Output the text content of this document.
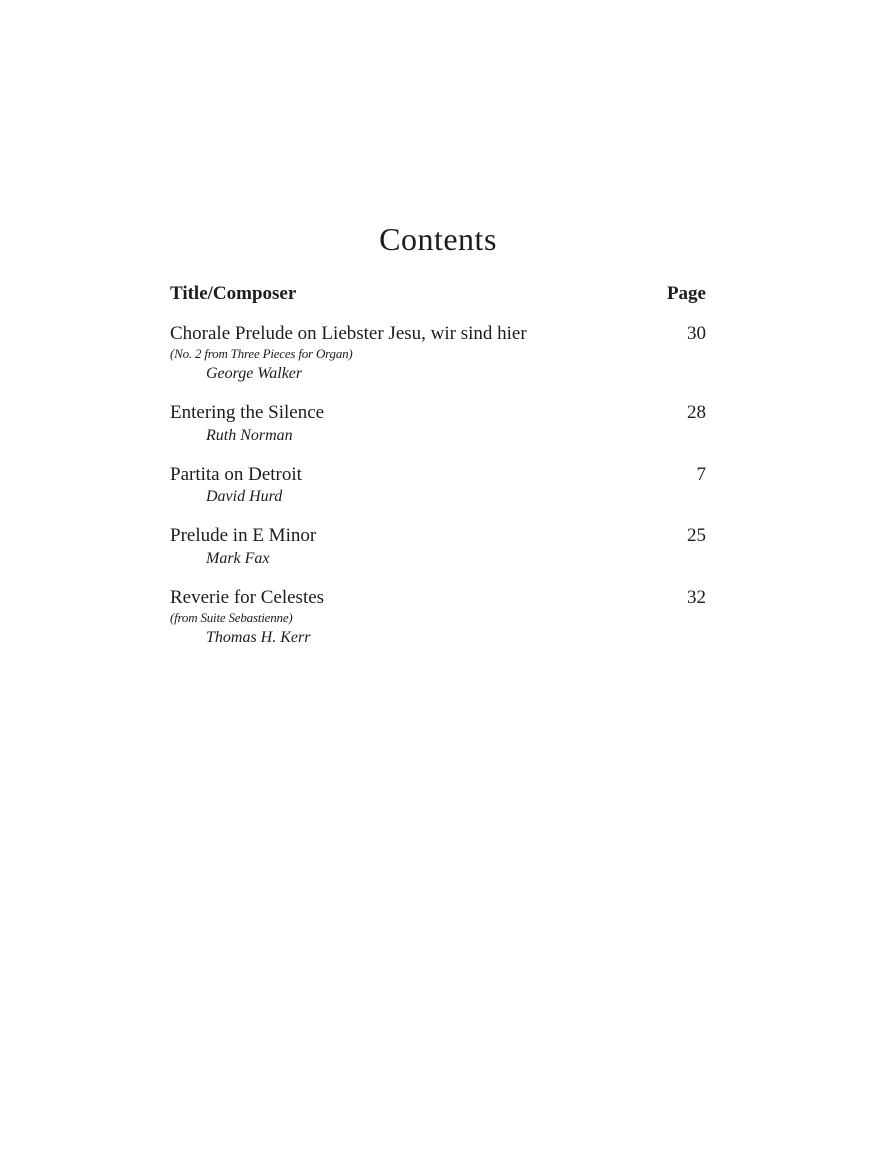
Contents
Title/Composer	Page
Chorale Prelude on Liebster Jesu, wir sind hier	30
(No. 2 from Three Pieces for Organ)
George Walker
Entering the Silence	28
Ruth Norman
Partita on Detroit	7
David Hurd
Prelude in E Minor	25
Mark Fax
Reverie for Celestes	32
(from Suite Sebastienne)
Thomas H. Kerr
